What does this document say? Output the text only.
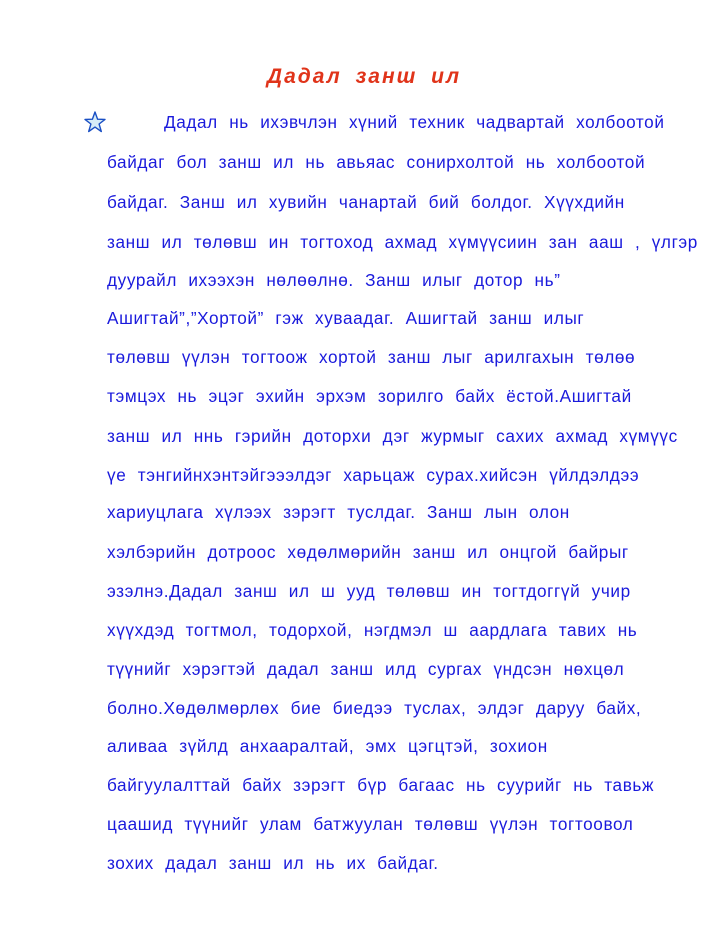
Дадал занш ил
Дадал нь ихэвчлэн хүний техник чадвартай холбоотой
байдаг бол занш ил нь авьяас сонирхолтой нь холбоотой
байдаг. Занш ил хувийн чанартай бий болдог. Хүүхдийн
занш ил төлөвш ин тогтоход ахмад хүмүүсиин зан ааш , үлгэр
дуурайл ихээхэн нөлөөлнө. Занш илыг дотор нь”
Ашигтай”,”Хортой” гэж хуваадаг. Ашигтай занш илыг
төлөвш үүлэн тогтоож хортой занш лыг арилгахын төлөө
тэмцэх нь эцэг эхийн эрхэм зорилго байх ёстой.Ашигтай
занш ил ннь гэрийн доторхи дэг журмыг сахих ахмад хүмүүс
үе тэнгийнхэнтэйгэээлдэг харьцаж сурах.хийсэн үйлдэлдээ
хариуцлага хүлээх зэрэгт туслдаг. Занш лын олон
хэлбэрийн дотроос хөдөлмөрийн занш ил онцгой байрыг
эзэлнэ.Дадал занш ил ш ууд төлөвш ин тогтдоггүй учир
хүүхдэд тогтмол, тодорхой, нэгдмэл ш аардлага тавих нь
түүнийг хэрэгтэй дадал занш илд сургах үндсэн нөхцөл
болно.Хөдөлмөрлөх бие биедээ туслах, элдэг даруу байх,
аливаа зүйлд анхааралтай, эмх цэгцтэй, зохион
байгуулалттай байх зэрэгт бүр багаас нь суурийг нь тавьж
цаашид түүнийг улам батжуулан төлөвш үүлэн тогтоовол
зохих дадал занш ил нь их байдаг.
